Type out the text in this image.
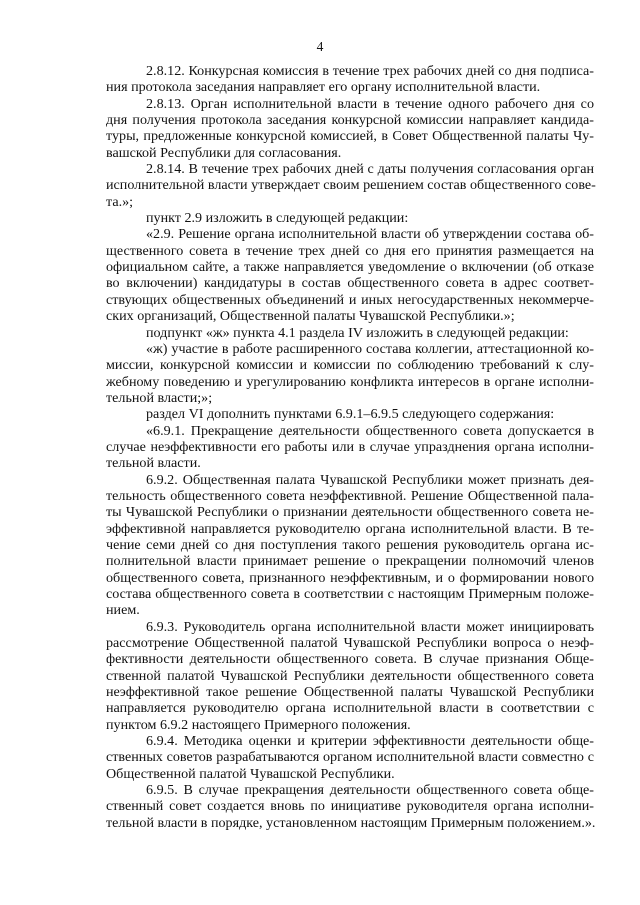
4
2.8.12. Конкурсная комиссия в течение трех рабочих дней со дня подписа-
ния протокола заседания направляет его органу исполнительной власти.
2.8.13. Орган исполнительной власти в течение одного рабочего дня со
дня получения протокола заседания конкурсной комиссии направляет кандида-
туры, предложенные конкурсной комиссией, в Совет Общественной палаты Чу-
вашской Республики для согласования.
2.8.14. В течение трех рабочих дней с даты получения согласования орган
исполнительной власти утверждает своим решением состав общественного сове-
та.»;
пункт 2.9 изложить в следующей редакции:
«2.9. Решение органа исполнительной власти об утверждении состава об-
щественного совета в течение трех дней со дня его принятия размещается на
официальном сайте, а также направляется уведомление о включении (об отказе
во включении) кандидатуры в состав общественного совета в адрес соответ-
ствующих общественных объединений и иных негосударственных некоммерче-
ских организаций, Общественной палаты Чувашской Республики.»;
подпункт «ж» пункта 4.1 раздела IV изложить в следующей редакции:
«ж) участие в работе расширенного состава коллегии, аттестационной ко-
миссии, конкурсной комиссии и комиссии по соблюдению требований к слу-
жебному поведению и урегулированию конфликта интересов в органе исполни-
тельной власти;»;
раздел VI дополнить пунктами 6.9.1–6.9.5 следующего содержания:
«6.9.1. Прекращение деятельности общественного совета допускается в
случае неэффективности его работы или в случае упразднения органа исполни-
тельной власти.
6.9.2. Общественная палата Чувашской Республики может признать дея-
тельность общественного совета неэффективной. Решение Общественной пала-
ты Чувашской Республики о признании деятельности общественного совета не-
эффективной направляется руководителю органа исполнительной власти. В те-
чение семи дней со дня поступления такого решения руководитель органа ис-
полнительной власти принимает решение о прекращении полномочий членов
общественного совета, признанного неэффективным, и о формировании нового
состава общественного совета в соответствии с настоящим Примерным положе-
нием.
6.9.3. Руководитель органа исполнительной власти может инициировать
рассмотрение Общественной палатой Чувашской Республики вопроса о неэф-
фективности деятельности общественного совета. В случае признания Обще-
ственной палатой Чувашской Республики деятельности общественного совета
неэффективной такое решение Общественной палаты Чувашской Республики
направляется руководителю органа исполнительной власти в соответствии с
пунктом 6.9.2 настоящего Примерного положения.
6.9.4. Методика оценки и критерии эффективности деятельности обще-
ственных советов разрабатываются органом исполнительной власти совместно с
Общественной палатой Чувашской Республики.
6.9.5. В случае прекращения деятельности общественного совета обще-
ственный совет создается вновь по инициативе руководителя органа исполни-
тельной власти в порядке, установленном настоящим Примерным положением.».
